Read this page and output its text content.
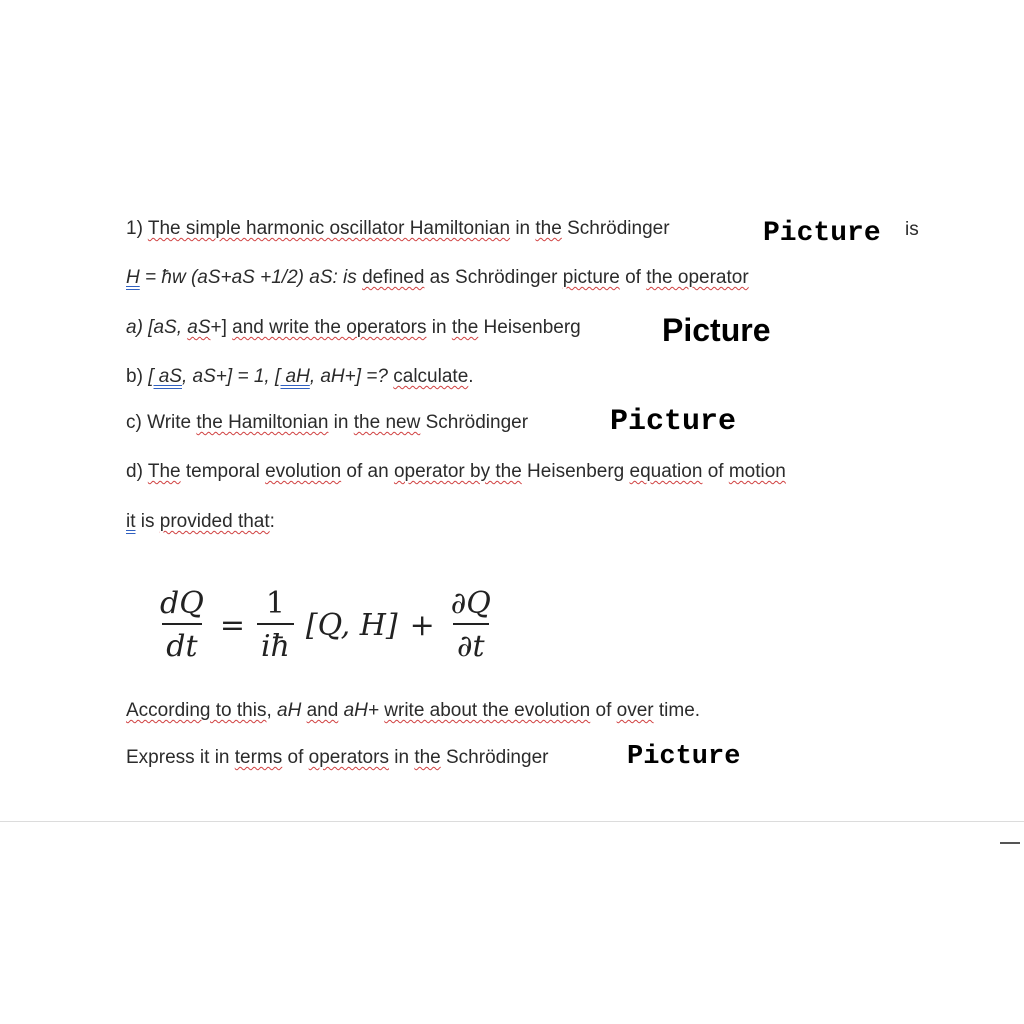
1) The simple harmonic oscillator Hamiltonian in the Schrödinger	Picture is
H = ħw (aS+aS +1/2) aS: is defined as Schrödinger picture of the operator
a) [aS, aS+] and write the operators in the Heisenberg	Picture
b) [ aS, aS+] = 1, [ aH, aH+] =? calculate.
c) Write the Hamiltonian in the new Schrödinger	Picture
d) The temporal evolution of an operator by the Heisenberg equation of motion
it is provided that:
$\frac{dQ}{dt} = \frac{1}{iħ} [Q$, $H] + \frac{\partial Q}{\partial t}$
According to this, aH and aH+ write about the evolution of over time.
Express it in terms of operators in the Schrödinger	Picture
